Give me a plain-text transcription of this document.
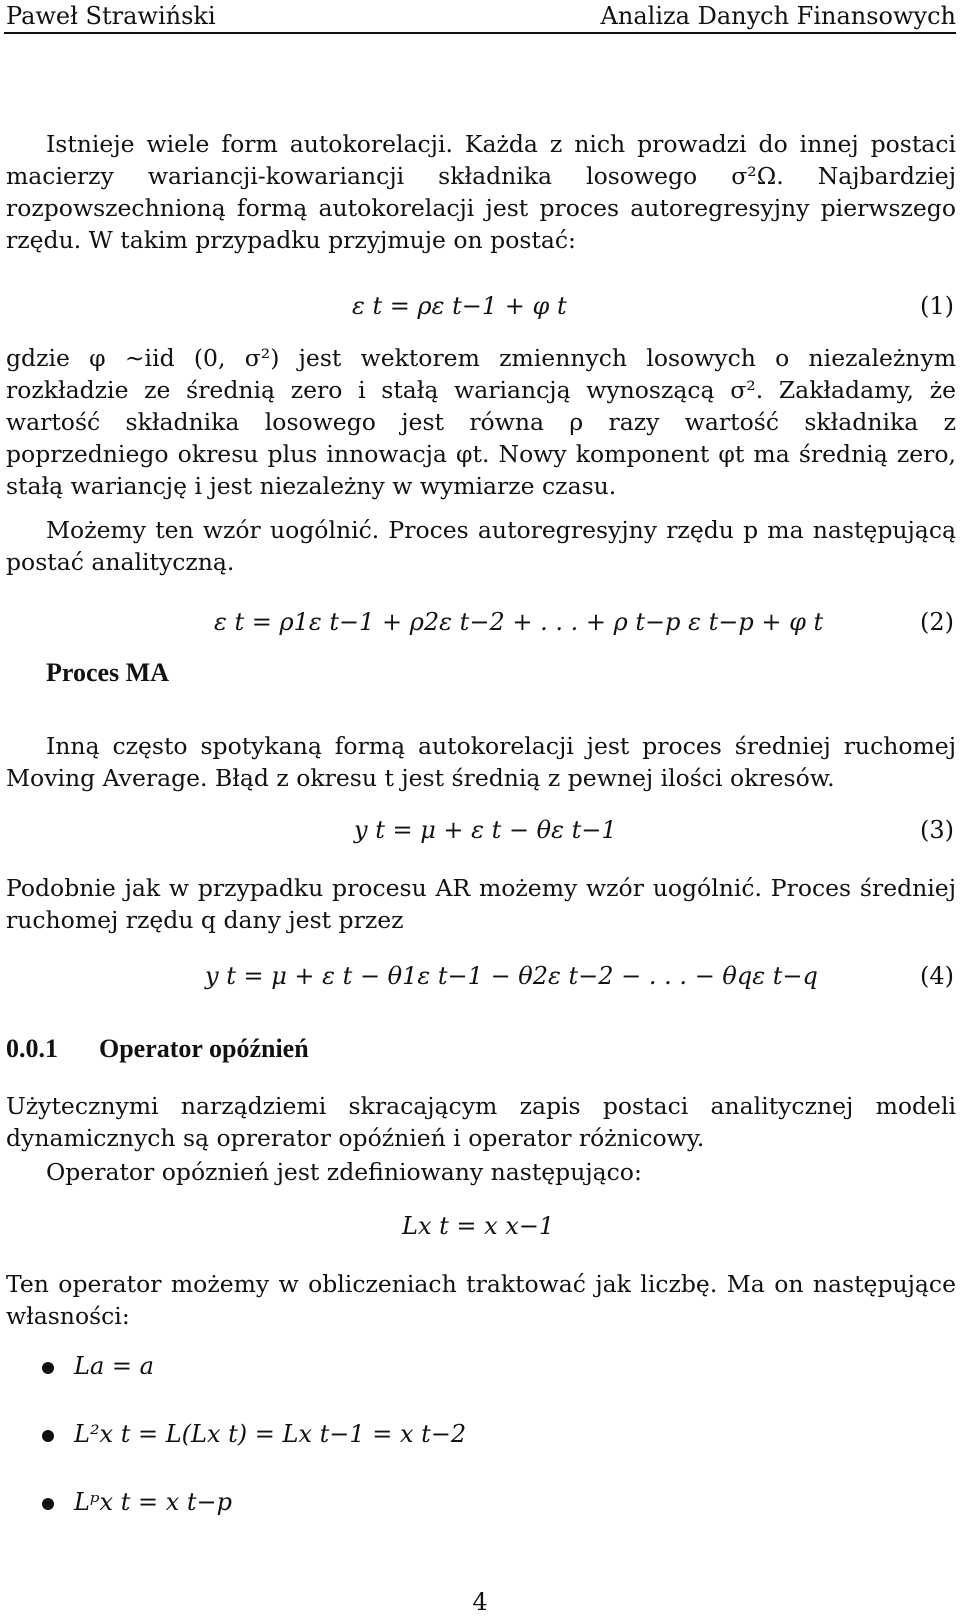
Paweł Strawiński	Analiza Danych Finansowych

Istnieje wiele form autokorelacji. Każda z nich prowadzi do innej postaci macierzy wariancji-kowariancji składnika losowego σ²Ω. Najbardziej rozpowszechnioną formą autokorelacji jest proces autoregresyjny pierwszego rzędu. W takim przypadku przyjmuje on postać:

ε t = ρε t−1 + φ t	(1)

gdzie φ ∼iid (0, σ²) jest wektorem zmiennych losowych o niezależnym rozkładzie ze średnią zero i stałą wariancją wynoszącą σ². Zakładamy, że wartość składnika losowego jest równa ρ razy wartość składnika z poprzedniego okresu plus innowacja φt. Nowy komponent φt ma średnią zero, stałą wariancję i jest niezależny w wymiarze czasu.

Możemy ten wzór uogólnić. Proces autoregresyjny rzędu p ma następującą postać analityczną.

ε t = ρ1ε t−1 + ρ2ε t−2 + . . . + ρ t−p ε t−p + φ t	(2)
Proces MA

Inną często spotykaną formą autokorelacji jest proces średniej ruchomej Moving Average. Błąd z okresu t jest średnią z pewnej ilości okresów.

y t = μ + ε t − θε t−1	(3)

Podobnie jak w przypadku procesu AR możemy wzór uogólnić. Proces średniej ruchomej rzędu q dany jest przez

y t = μ + ε t − θ1ε t−1 − θ2ε t−2 − . . . − θqε t−q	(4)
0.0.1 Operator opóźnień

Użytecznymi narządziemi skracającym zapis postaci analitycznej modeli dynamicznych są oprerator opóźnień i operator różnicowy.

Operator opóznień jest zdefiniowany następująco:

Lx t = x x−1

Ten operator możemy w obliczeniach traktować jak liczbę. Ma on następujące własności:

La = a
L²x t = L(Lx t) = Lx t−1 = x t−2
Lᵖx t = x t−p
4
